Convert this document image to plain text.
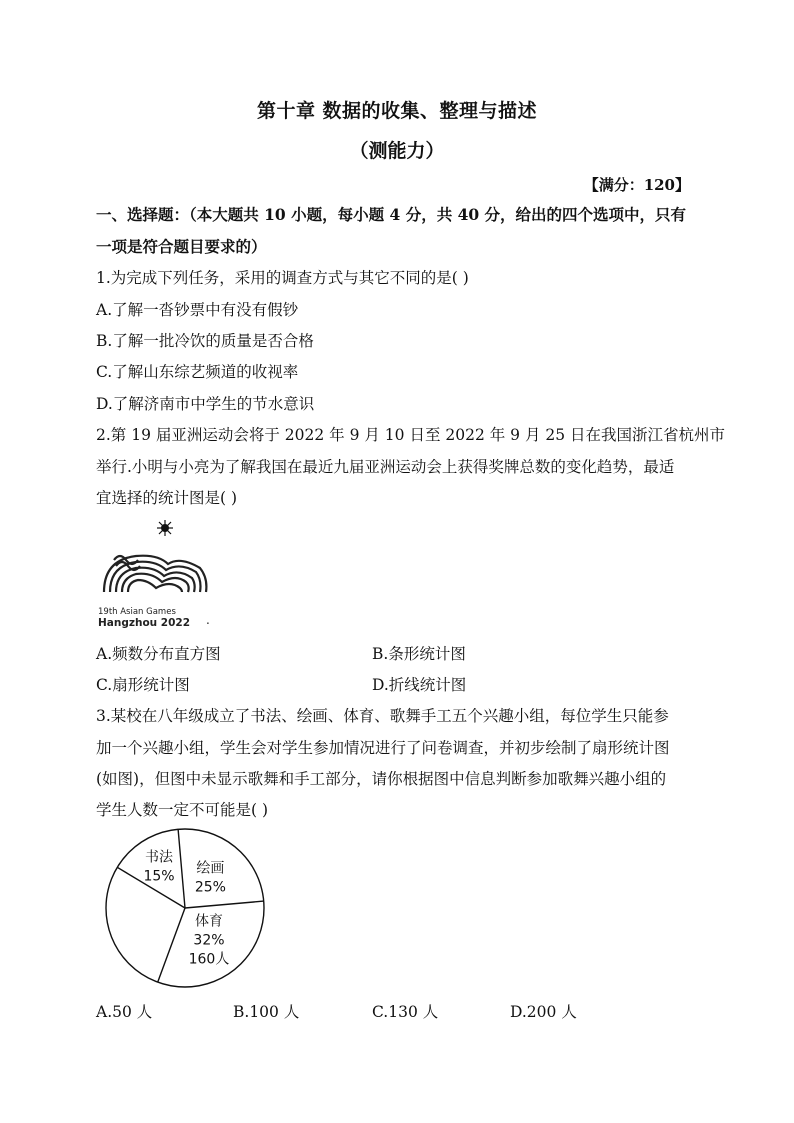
第十章 数据的收集、整理与描述
（测能力）
【满分：120】
一、选择题：（本大题共 10 小题，每小题 4 分，共 40 分，给出的四个选项中，只有
一项是符合题目要求的）
1.为完成下列任务，采用的调查方式与其它不同的是( )
A.了解一沓钞票中有没有假钞
B.了解一批冷饮的质量是否合格
C.了解山东综艺频道的收视率
D.了解济南市中学生的节水意识
2.第 19 届亚洲运动会将于 2022 年 9 月 10 日至 2022 年 9 月 25 日在我国浙江省杭州市
举行.小明与小亮为了解我国在最近九届亚洲运动会上获得奖牌总数的变化趋势，最适
宜选择的统计图是( )
19th Asian Games
Hangzhou 2022 .
A.频数分布直方图	B.条形统计图
C.扇形统计图	D.折线统计图
3.某校在八年级成立了书法、绘画、体育、歌舞手工五个兴趣小组，每位学生只能参
加一个兴趣小组，学生会对学生参加情况进行了问卷调查，并初步绘制了扇形统计图
(如图)，但图中未显示歌舞和手工部分，请你根据图中信息判断参加歌舞兴趣小组的
学生人数一定不可能是( )
绘画
25%
体育
32%
160人
书法
15%
A.50 人	B.100 人	C.130 人	D.200 人
